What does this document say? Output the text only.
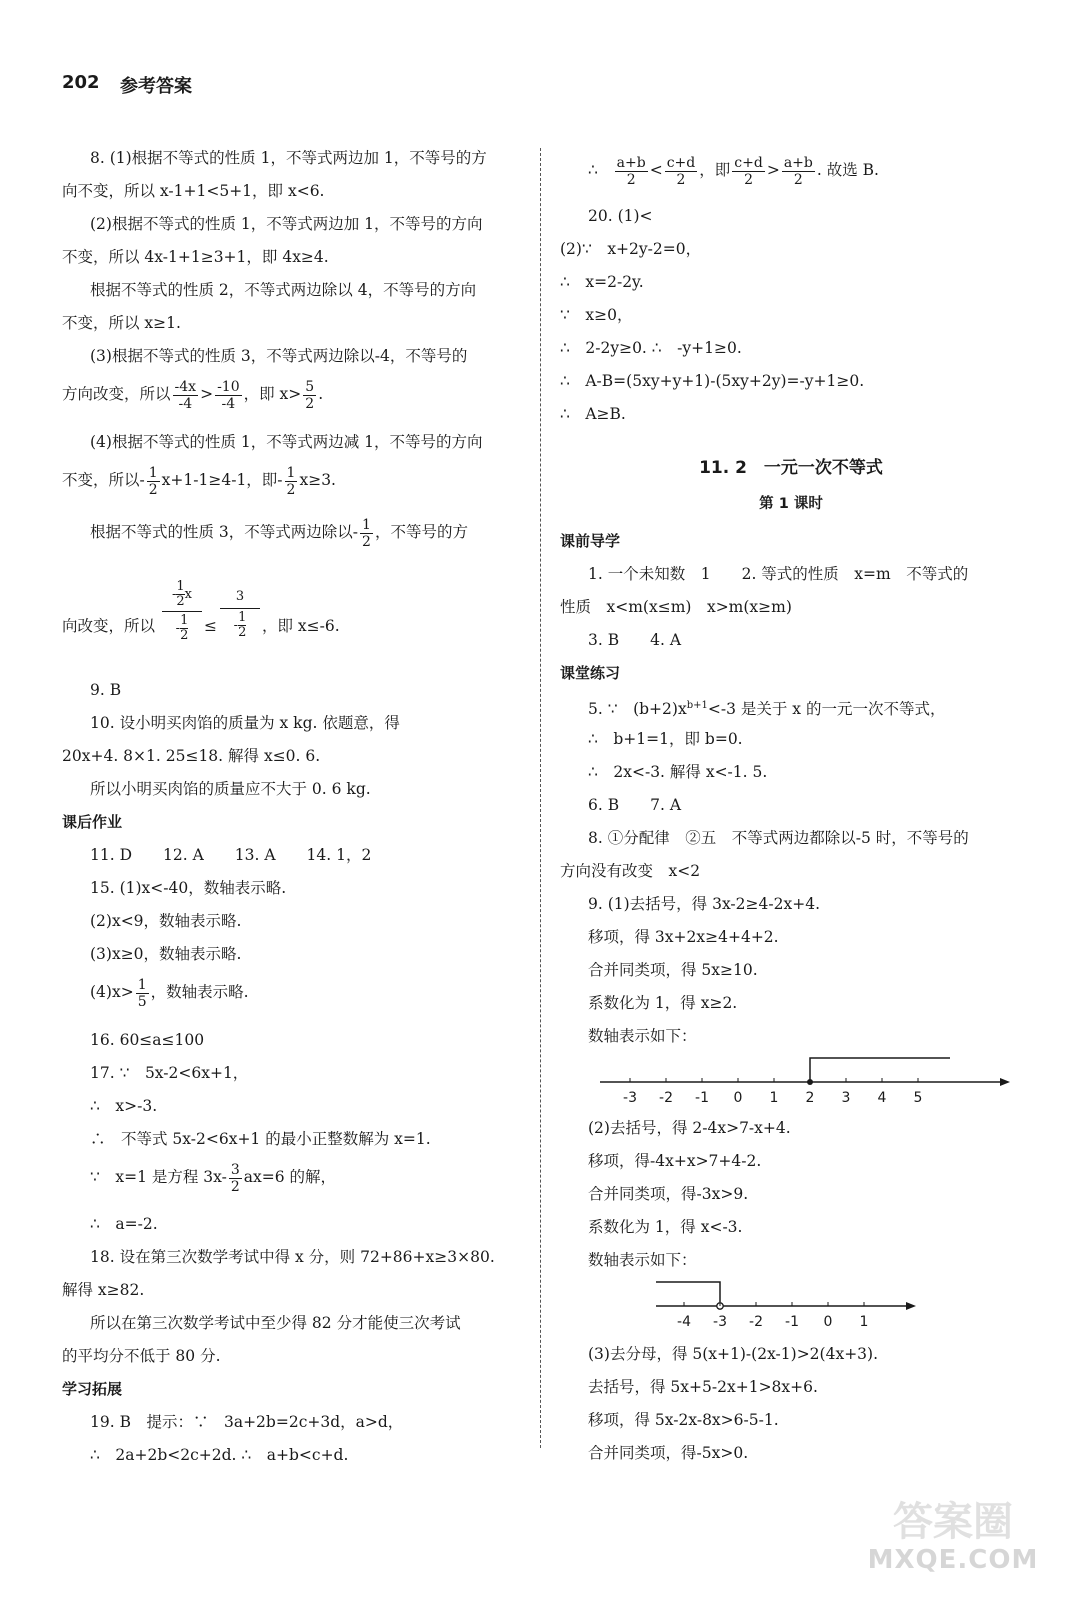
202 参考答案
8. (1)根据不等式的性质 1，不等式两边加 1，不等号的方
向不变，所以 x-1+1<5+1，即 x<6.
(2)根据不等式的性质 1，不等式两边加 1，不等号的方向
不变，所以 4x-1+1≥3+1，即 4x≥4.
根据不等式的性质 2，不等式两边除以 4，不等号的方向
不变，所以 x≥1.
(3)根据不等式的性质 3，不等式两边除以-4，不等号的
方向改变，所以 $\frac{-4x}{-4} > \frac{-10}{-4}$ ，即 $x> \frac{5}{2}$ .
(4)根据不等式的性质 1，不等式两边减 1，不等号的方向
不变，所以- $\frac{1}{2} x+1-1\ge 4-1$，即- $\frac{1}{2} x\ge 3$.
根据不等式的性质 3，不等式两边除以- $\frac{1}{2}$ ，不等号的方
向改变，所以
- $\frac{1}{2}$ x
- $\frac{1}{2}$ ≤
3
- $\frac{1}{2}$ ，即 x≤-6.
9. B
10. 设小明买肉馅的质量为 x kg. 依题意，得
20x+4. 8×1. 25≤18. 解得 x≤0. 6.
所以小明买肉馅的质量应不大于 0. 6 kg.
课后作业
11. D　　12. A　　13. A　　14. 1，2
15. (1)x<-40，数轴表示略.
(2)x<9，数轴表示略.
(3)x≥0，数轴表示略.
$(4)x> \frac{1}{5}$ ，数轴表示略.
16. 60≤a≤100
17. ∵　5x-2<6x+1，
∴　x>-3.
∴　不等式 5x-2<6x+1 的最小正整数解为 x=1.
∵　x=1 是方程 $3x- \frac{3}{2} ax=6$ 的解，
∴　a=-2.
18. 设在第三次数学考试中得 x 分，则 72+86+x≥3×80.
解得 x≥82.
所以在第三次数学考试中至少得 82 分才能使三次考试
的平均分不低于 80 分.
学习拓展
19. B　提示：∵　3a+2b=2c+3d，a>d，
∴　2a+2b<2c+2d. ∴　a+b<c+d.
∴ $\frac{a+b}{2} < \frac{c+d}{2}$ ，即 $\frac{c+d}{2} > \frac{a+b}{2}$ . 故选 B.
20. (1)<
(2)∵　x+2y-2=0，
∴　x=2-2y.
∵　x≥0，
∴　2-2y≥0. ∴　-y+1≥0.
∴　A-B=(5xy+y+1)-(5xy+2y)=-y+1≥0.
∴　A≥B.
11. 2　一元一次不等式
第 1 课时
课前导学
1. 一个未知数　1　　2. 等式的性质　x=m　不等式的
性质　x<m(x≤m)　x>m(x≥m)
3. B　　4. A
课堂练习
5. ∵　$(b+2)x^{b+1}<-3$ 是关于 x 的一元一次不等式，
∴　b+1=1，即 b=0.
∴　2x<-3. 解得 x<-1. 5.
6. B　　7. A
8. ①分配律　②五　不等式两边都除以-5 时，不等号的
方向没有改变　x<2
9. (1)去括号，得 3x-2≥4-2x+4.
移项，得 3x+2x≥4+4+2.
合并同类项，得 5x≥10.
系数化为 1，得 x≥2.
数轴表示如下：
-3 -2 -1 0 1 2 3 4 5
(2)去括号，得 2-4x>7-x+4.
移项，得-4x+x>7+4-2.
合并同类项，得-3x>9.
系数化为 1，得 x<-3.
数轴表示如下：
-4 -3 -2 -1 0 1
(3)去分母，得 5(x+1)-(2x-1)>2(4x+3).
去括号，得 5x+5-2x+1>8x+6.
移项，得 5x-2x-8x>6-5-1.
合并同类项，得-5x>0.
答案圈
MXQE.COM
